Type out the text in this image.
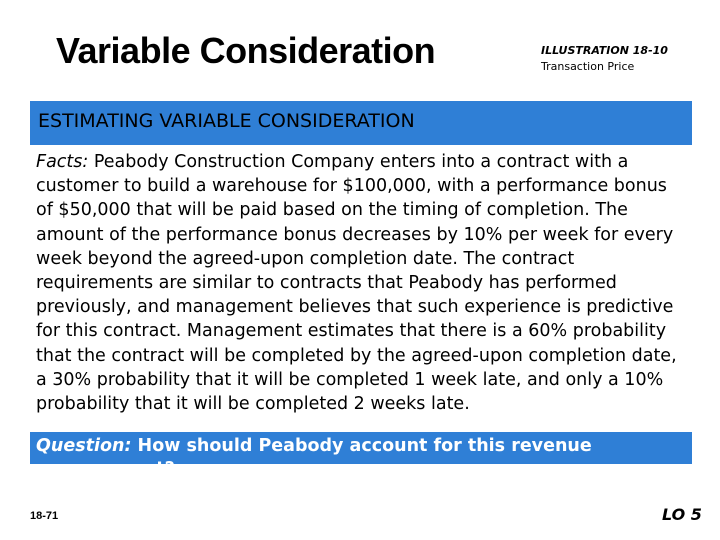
Variable Consideration	ILLUSTRATION 18-10
Transaction Price
ESTIMATING VARIABLE CONSIDERATION
Facts: Peabody Construction Company enters into a contract with a customer to build a warehouse for $100,000, with a performance bonus of $50,000 that will be paid based on the timing of completion. The amount of the performance bonus decreases by 10% per week for every week beyond the agreed-upon completion date. The contract requirements are similar to contracts that Peabody has performed previously, and management believes that such experience is predictive for this contract. Management estimates that there is a 60% probability that the contract will be completed by the agreed-upon completion date, a 30% probability that it will be completed 1 week late, and only a 10% probability that it will be completed 2 weeks late.
Question: How should Peabody account for this revenue arrangement?
18-71	LO 5
